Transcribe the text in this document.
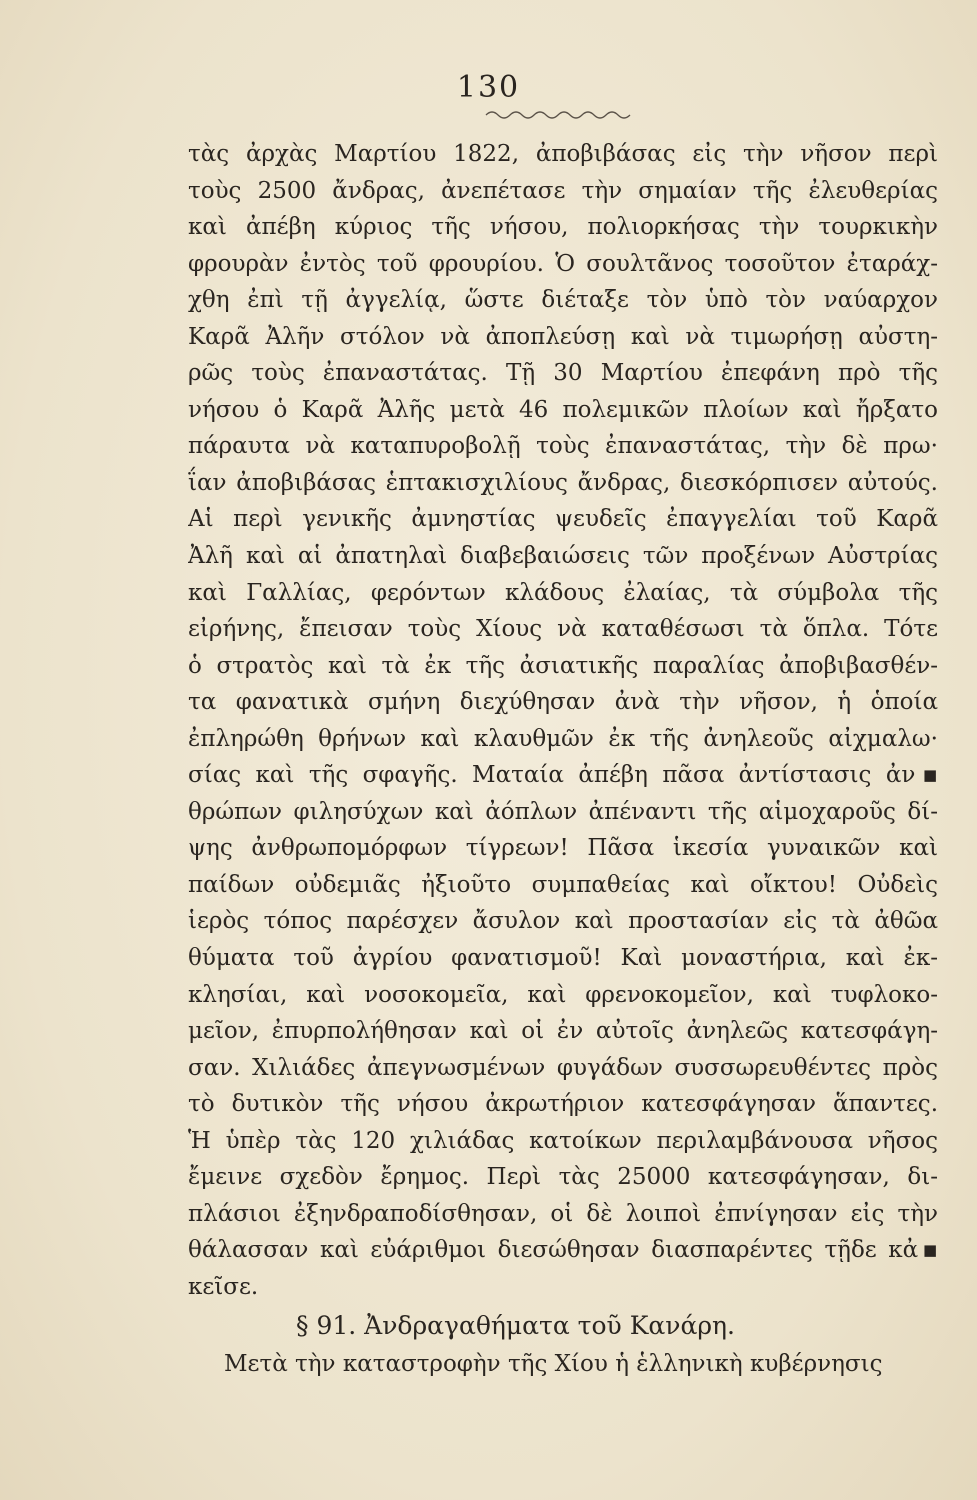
130
τὰς ἀρχὰς Μαρτίου 1822, ἀποβιβάσας εἰς τὴν νῆσον περὶ
τοὺς 2500 ἄνδρας, ἀνεπέτασε τὴν σημαίαν τῆς ἐλευθερίας
καὶ ἀπέβη κύριος τῆς νήσου, πολιορκήσας τὴν τουρκικὴν
φρουρὰν ἐντὸς τοῦ φρουρίου. Ὁ σουλτᾶνος τοσοῦτον ἐταράχ-
χθη ἐπὶ τῇ ἀγγελίᾳ, ὥστε διέταξε τὸν ὑπὸ τὸν ναύαρχον
Καρᾶ Ἀλῆν στόλον νὰ ἀποπλεύσῃ καὶ νὰ τιμωρήσῃ αὐστη-
ρῶς τοὺς ἐπαναστάτας. Τῇ 30 Μαρτίου ἐπεφάνη πρὸ τῆς
νήσου ὁ Καρᾶ Ἀλῆς μετὰ 46 πολεμικῶν πλοίων καὶ ἤρξατο
πάραυτα νὰ καταπυροβολῇ τοὺς ἐπαναστάτας, τὴν δὲ πρω·
ΐαν ἀποβιβάσας ἑπτακισχιλίους ἄνδρας, διεσκόρπισεν αὐτούς.
Αἱ περὶ γενικῆς ἀμνηστίας ψευδεῖς ἐπαγγελίαι τοῦ Καρᾶ
Ἀλῆ καὶ αἱ ἀπατηλαὶ διαβεβαιώσεις τῶν προξένων Αὐστρίας
καὶ Γαλλίας, φερόντων κλάδους ἐλαίας, τὰ σύμβολα τῆς
εἰρήνης, ἔπεισαν τοὺς Χίους νὰ καταθέσωσι τὰ ὅπλα. Τότε
ὁ στρατὸς καὶ τὰ ἐκ τῆς ἀσιατικῆς παραλίας ἀποβιβασθέν-
τα φανατικὰ σμήνη διεχύθησαν ἀνὰ τὴν νῆσον, ἡ ὁποία
ἐπληρώθη θρήνων καὶ κλαυθμῶν ἐκ τῆς ἀνηλεοῦς αἰχμαλω·
σίας καὶ τῆς σφαγῆς. Ματαία ἀπέβη πᾶσα ἀντίστασις ἀν▪
θρώπων φιλησύχων καὶ ἀόπλων ἀπέναντι τῆς αἱμοχαροῦς δί-
ψης ἀνθρωπομόρφων τίγρεων! Πᾶσα ἱκεσία γυναικῶν καὶ
παίδων οὐδεμιᾶς ἠξιοῦτο συμπαθείας καὶ οἴκτου! Οὐδεὶς
ἱερὸς τόπος παρέσχεν ἄσυλον καὶ προστασίαν εἰς τὰ ἀθῶα
θύματα τοῦ ἀγρίου φανατισμοῦ! Καὶ μοναστήρια, καὶ ἐκ-
κλησίαι, καὶ νοσοκομεῖα, καὶ φρενοκομεῖον, καὶ τυφλοκο-
μεῖον, ἐπυρπολήθησαν καὶ οἱ ἐν αὐτοῖς ἀνηλεῶς κατεσφάγη-
σαν. Χιλιάδες ἀπεγνωσμένων φυγάδων συσσωρευθέντες πρὸς
τὸ δυτικὸν τῆς νήσου ἀκρωτήριον κατεσφάγησαν ἅπαντες.
Ἡ ὑπὲρ τὰς 120 χιλιάδας κατοίκων περιλαμβάνουσα νῆσος
ἔμεινε σχεδὸν ἔρημος. Περὶ τὰς 25000 κατεσφάγησαν, δι-
πλάσιοι ἐξηνδραποδίσθησαν, οἱ δὲ λοιποὶ ἐπνίγησαν εἰς τὴν
θάλασσαν καὶ εὐάριθμοι διεσώθησαν διασπαρέντες τῇδε κἀ▪
κεῖσε.
§ 91. Ἀνδραγαθήματα τοῦ Κανάρη.
Μετὰ τὴν καταστροφὴν τῆς Χίου ἡ ἑλληνικὴ κυβέρνησις
